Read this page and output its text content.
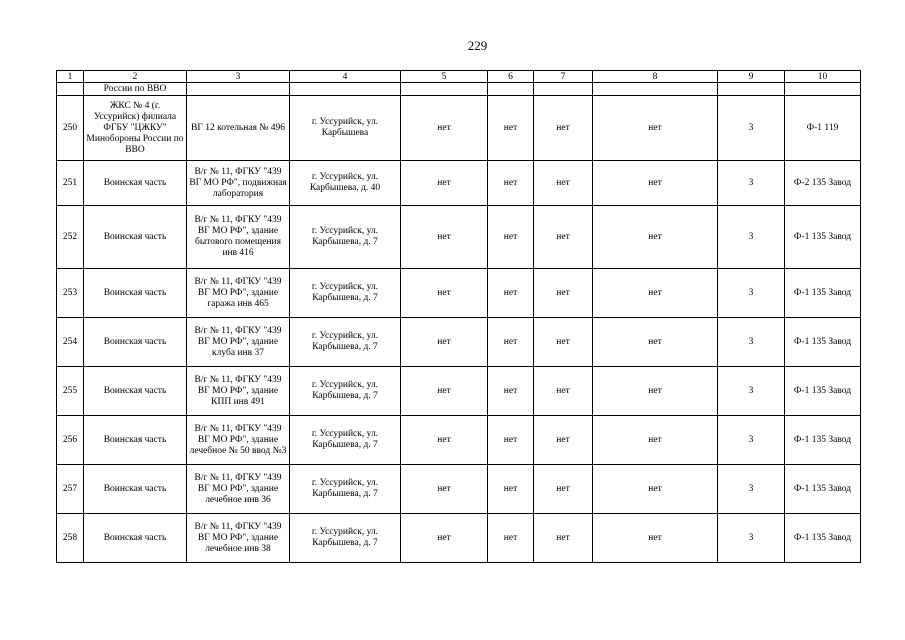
229
1	2	3	4	5	6	7	8	9	10
	России по ВВО								
250	ЖКС № 4 (г. Уссурийск) филиала ФГБУ "ЦЖКУ" Минобороны России по ВВО	ВГ 12 котельная № 496	г. Уссурийск, ул. Карбышева	нет	нет	нет	нет	3	Ф-1 119
251	Воинская часть	В/г № 11, ФГКУ "439 ВГ МО РФ", подвижная лаборатория	г. Уссурийск, ул. Карбышева, д. 40	нет	нет	нет	нет	3	Ф-2 135 Завод
252	Воинская часть	В/г № 11, ФГКУ "439 ВГ МО РФ", здание бытового помещения инв 416	г. Уссурийск, ул. Карбышева, д. 7	нет	нет	нет	нет	3	Ф-1 135 Завод
253	Воинская часть	В/г № 11, ФГКУ "439 ВГ МО РФ", здание гаража инв 465	г. Уссурийск, ул. Карбышева, д. 7	нет	нет	нет	нет	3	Ф-1 135 Завод
254	Воинская часть	В/г № 11, ФГКУ "439 ВГ МО РФ", здание клуба инв 37	г. Уссурийск, ул. Карбышева, д. 7	нет	нет	нет	нет	3	Ф-1 135 Завод
255	Воинская часть	В/г № 11, ФГКУ "439 ВГ МО РФ", здание КПП инв 491	г. Уссурийск, ул. Карбышева, д. 7	нет	нет	нет	нет	3	Ф-1 135 Завод
256	Воинская часть	В/г № 11, ФГКУ "439 ВГ МО РФ", здание лечебное № 50 ввод №3	г. Уссурийск, ул. Карбышева, д. 7	нет	нет	нет	нет	3	Ф-1 135 Завод
257	Воинская часть	В/г № 11, ФГКУ "439 ВГ МО РФ", здание лечебное инв 36	г. Уссурийск, ул. Карбышева, д. 7	нет	нет	нет	нет	3	Ф-1 135 Завод
258	Воинская часть	В/г № 11, ФГКУ "439 ВГ МО РФ", здание лечебное инв 38	г. Уссурийск, ул. Карбышева, д. 7	нет	нет	нет	нет	3	Ф-1 135 Завод
